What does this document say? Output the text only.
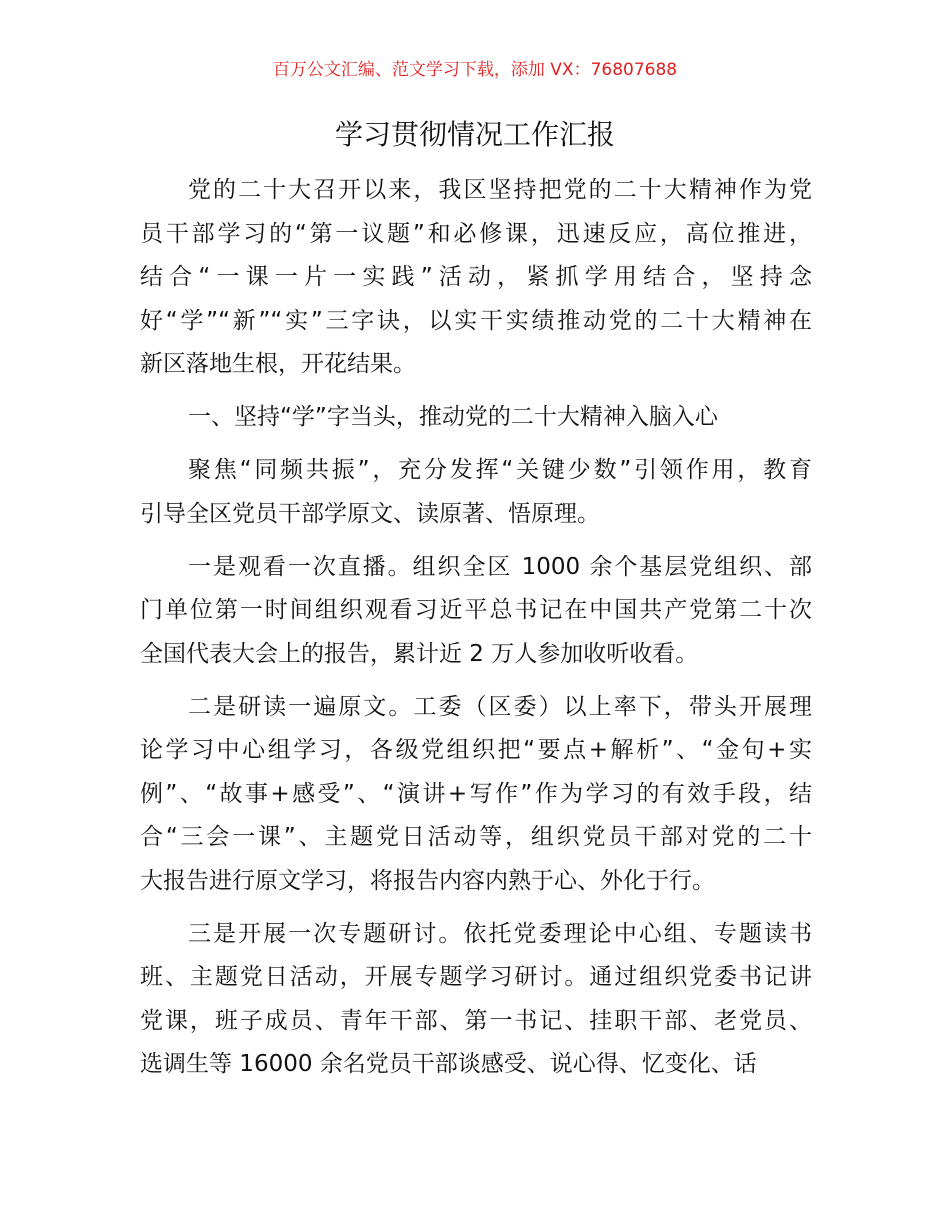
百万公文汇编、范文学习下载，添加 VX：76807688
学习贯彻情况工作汇报
党的二十大召开以来，我区坚持把党的二十大精神作为党
员干部学习的“第一议题”和必修课，迅速反应，高位推进，
结合“一课一片一实践”活动，紧抓学用结合，坚持念
好“学”“新”“实”三字诀，以实干实绩推动党的二十大精神在
新区落地生根，开花结果。
一、坚持“学”字当头，推动党的二十大精神入脑入心
聚焦“同频共振”，充分发挥“关键少数”引领作用，教育
引导全区党员干部学原文、读原著、悟原理。
一是观看一次直播。组织全区 1000 余个基层党组织、部
门单位第一时间组织观看习近平总书记在中国共产党第二十次
全国代表大会上的报告，累计近 2 万人参加收听收看。
二是研读一遍原文。工委（区委）以上率下，带头开展理
论学习中心组学习，各级党组织把“要点+解析”、“金句+实
例”、“故事+感受”、“演讲+写作”作为学习的有效手段，结
合“三会一课”、主题党日活动等，组织党员干部对党的二十
大报告进行原文学习，将报告内容内熟于心、外化于行。
三是开展一次专题研讨。依托党委理论中心组、专题读书
班、主题党日活动，开展专题学习研讨。通过组织党委书记讲
党课，班子成员、青年干部、第一书记、挂职干部、老党员、
选调生等 16000 余名党员干部谈感受、说心得、忆变化、话
